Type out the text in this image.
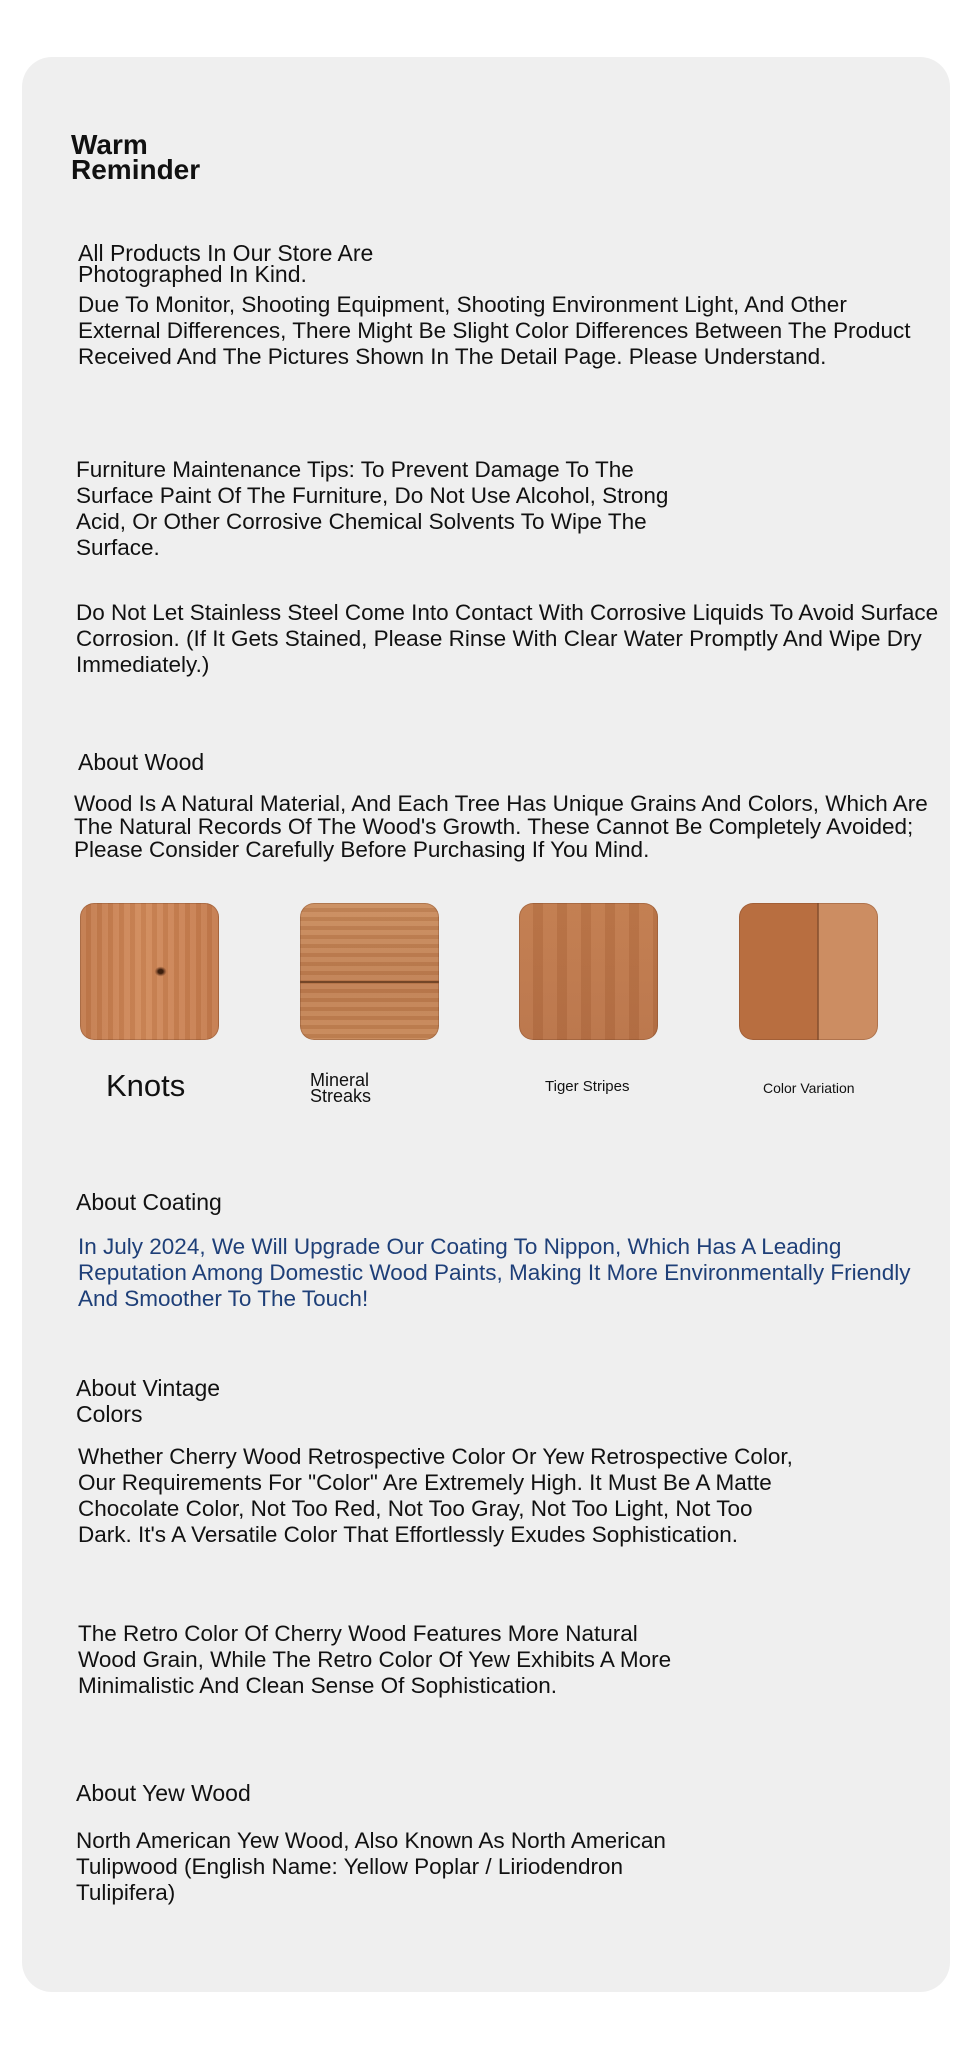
Warm Reminder
All Products In Our Store Are Photographed In Kind.
Due To Monitor, Shooting Equipment, Shooting Environment Light, And Other
External Differences, There Might Be Slight Color Differences Between The Product
Received And The Pictures Shown In The Detail Page. Please Understand.
Furniture Maintenance Tips: To Prevent Damage To The Surface Paint Of The Furniture, Do Not Use Alcohol, Strong Acid, Or Other Corrosive Chemical Solvents To Wipe The Surface.
Do Not Let Stainless Steel Come Into Contact With Corrosive Liquids To Avoid Surface
Corrosion. (If It Gets Stained, Please Rinse With Clear Water Promptly And Wipe Dry
Immediately.)
About Wood
Wood Is A Natural Material, And Each Tree Has Unique Grains And Colors, Which Are The Natural Records Of The Wood's Growth. These Cannot Be Completely Avoided; Please Consider Carefully Before Purchasing If You Mind.
Knots	Mineral Streaks	Tiger Stripes	Color Variation
About Coating
In July 2024, We Will Upgrade Our Coating To Nippon, Which Has A Leading Reputation Among Domestic Wood Paints, Making It More Environmentally Friendly And Smoother To The Touch!
About Vintage Colors
Whether Cherry Wood Retrospective Color Or Yew Retrospective Color, Our Requirements For "Color" Are Extremely High. It Must Be A Matte Chocolate Color, Not Too Red, Not Too Gray, Not Too Light, Not Too Dark. It's A Versatile Color That Effortlessly Exudes Sophistication.
The Retro Color Of Cherry Wood Features More Natural Wood Grain, While The Retro Color Of Yew Exhibits A More Minimalistic And Clean Sense Of Sophistication.
About Yew Wood
North American Yew Wood, Also Known As North American Tulipwood (English Name: Yellow Poplar / Liriodendron Tulipifera)
